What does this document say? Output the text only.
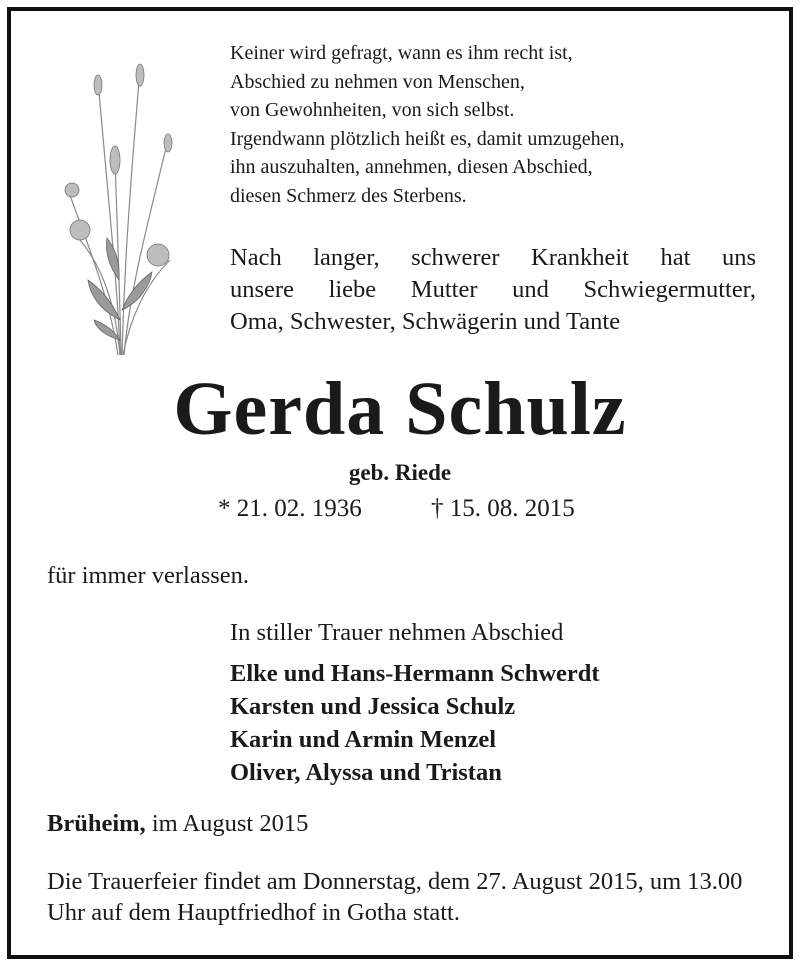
Keiner wird gefragt, wann es ihm recht ist,
Abschied zu nehmen von Menschen,
von Gewohnheiten, von sich selbst.
Irgendwann plötzlich heißt es, damit umzugehen,
ihn auszuhalten, annehmen, diesen Abschied,
diesen Schmerz des Sterbens.
Nach langer, schwerer Krankheit hat uns
unsere liebe Mutter und Schwiegermutter,
Oma, Schwester, Schwägerin und Tante
Gerda Schulz
geb. Riede
* 21. 02. 1936	† 15. 08. 2015
für immer verlassen.
In stiller Trauer nehmen Abschied
Elke und Hans-Hermann Schwerdt
Karsten und Jessica Schulz
Karin und Armin Menzel
Oliver, Alyssa und Tristan
Brüheim, im August 2015
Die Trauerfeier findet am Donnerstag, dem 27. August 2015, um 13.00 Uhr auf dem Hauptfriedhof in Gotha statt.
